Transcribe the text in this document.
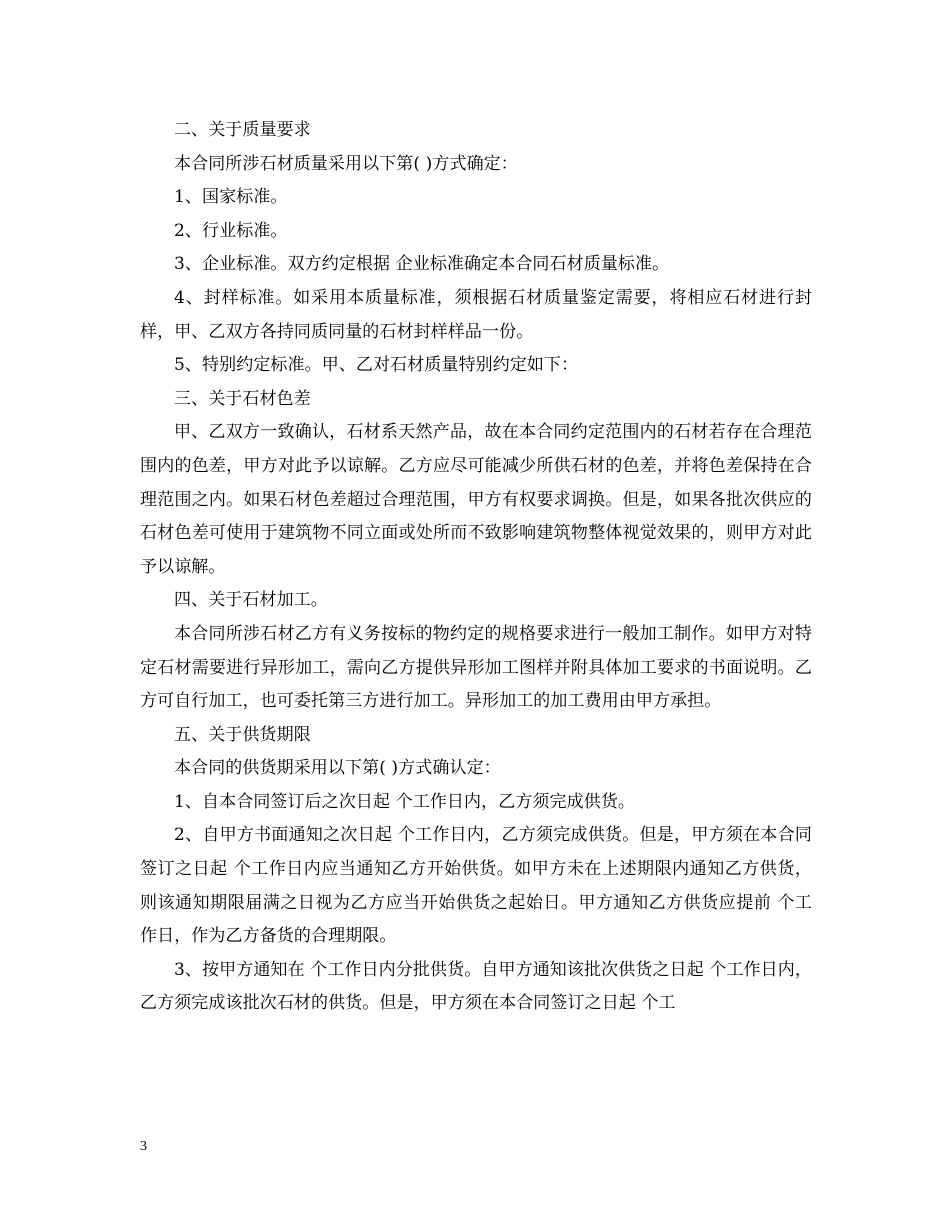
二、关于质量要求

本合同所涉石材质量采用以下第( )方式确定：

1、国家标准。

2、行业标准。

3、企业标准。双方约定根据 企业标准确定本合同石材质量标准。

4、封样标准。如采用本质量标准，须根据石材质量鉴定需要，将相应石材进行封样，甲、乙双方各持同质同量的石材封样样品一份。

5、特别约定标准。甲、乙对石材质量特别约定如下：

三、关于石材色差

甲、乙双方一致确认，石材系天然产品，故在本合同约定范围内的石材若存在合理范围内的色差，甲方对此予以谅解。乙方应尽可能减少所供石材的色差，并将色差保持在合理范围之内。如果石材色差超过合理范围，甲方有权要求调换。但是，如果各批次供应的石材色差可使用于建筑物不同立面或处所而不致影响建筑物整体视觉效果的，则甲方对此予以谅解。

四、关于石材加工。

本合同所涉石材乙方有义务按标的物约定的规格要求进行一般加工制作。如甲方对特定石材需要进行异形加工，需向乙方提供异形加工图样并附具体加工要求的书面说明。乙方可自行加工，也可委托第三方进行加工。异形加工的加工费用由甲方承担。

五、关于供货期限

本合同的供货期采用以下第( )方式确认定：

1、自本合同签订后之次日起 个工作日内，乙方须完成供货。

2、自甲方书面通知之次日起 个工作日内，乙方须完成供货。但是，甲方须在本合同签订之日起 个工作日内应当通知乙方开始供货。如甲方未在上述期限内通知乙方供货，则该通知期限届满之日视为乙方应当开始供货之起始日。甲方通知乙方供货应提前 个工作日，作为乙方备货的合理期限。

3、按甲方通知在 个工作日内分批供货。自甲方通知该批次供货之日起 个工作日内，乙方须完成该批次石材的供货。但是，甲方须在本合同签订之日起 个工

3
